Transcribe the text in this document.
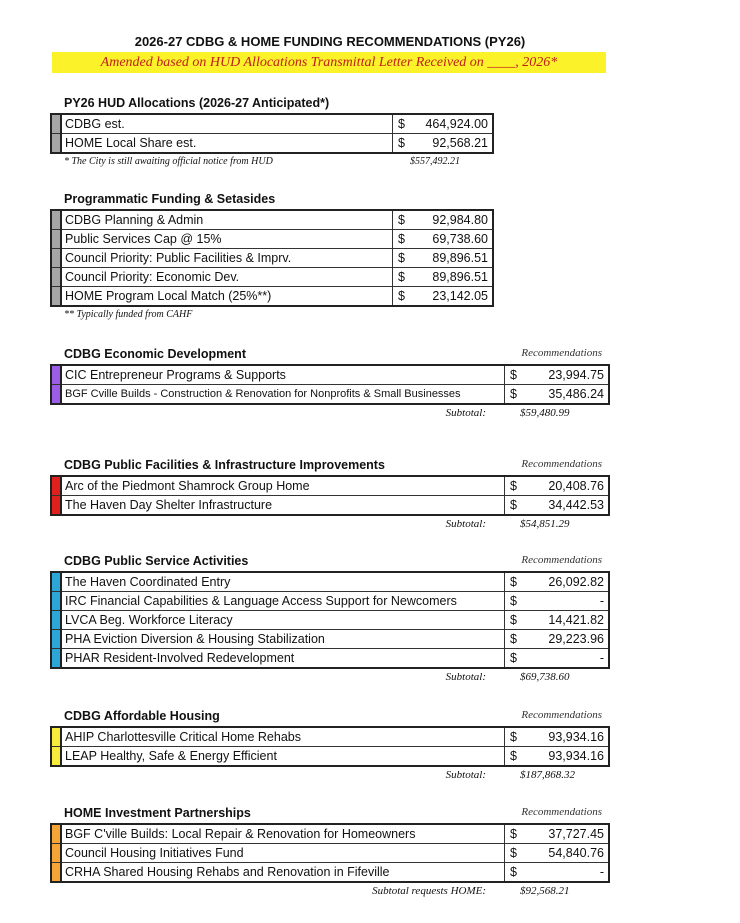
2026-27 CDBG & HOME FUNDING RECOMMENDATIONS (PY26)
Amended based on HUD Allocations Transmittal Letter Received on ____, 2026*
PY26 HUD Allocations (2026-27 Anticipated*)
	CDBG est.	$ 464,924.00

	HOME Local Share est.	$ 92,568.21
* The City is still awaiting official notice from HUD	$557,492.21
Programmatic Funding & Setasides
	CDBG Planning & Admin	$ 92,984.80

	Public Services Cap @ 15%	$ 69,738.60

	Council Priority: Public Facilities & Imprv.	$ 89,896.51

	Council Priority: Economic Dev.	$ 89,896.51

	HOME Program Local Match (25%**)	$ 23,142.05
** Typically funded from CAHF
CDBG Economic Development	Recommendations
	CIC Entrepreneur Programs & Supports	$ 23,994.75

	BGF Cville Builds - Construction & Renovation for Nonprofits & Small Businesses	$ 35,486.24
Subtotal:	$59,480.99
CDBG Public Facilities & Infrastructure Improvements	Recommendations
	Arc of the Piedmont Shamrock Group Home	$ 20,408.76

	The Haven Day Shelter Infrastructure	$ 34,442.53
Subtotal:	$54,851.29
CDBG Public Service Activities	Recommendations
	The Haven Coordinated Entry	$ 26,092.82

	IRC Financial Capabilities & Language Access Support for Newcomers	$ -

	LVCA Beg. Workforce Literacy	$ 14,421.82

	PHA Eviction Diversion & Housing Stabilization	$ 29,223.96

	PHAR Resident-Involved Redevelopment	$ -
Subtotal:	$69,738.60
CDBG Affordable Housing	Recommendations
	AHIP Charlottesville Critical Home Rehabs	$ 93,934.16

	LEAP Healthy, Safe & Energy Efficient	$ 93,934.16
Subtotal:	$187,868.32
HOME Investment Partnerships	Recommendations
	BGF C'ville Builds: Local Repair & Renovation for Homeowners	$ 37,727.45

	Council Housing Initiatives Fund	$ 54,840.76

	CRHA Shared Housing Rehabs and Renovation in Fifeville	$ -
Subtotal requests HOME:	$92,568.21
